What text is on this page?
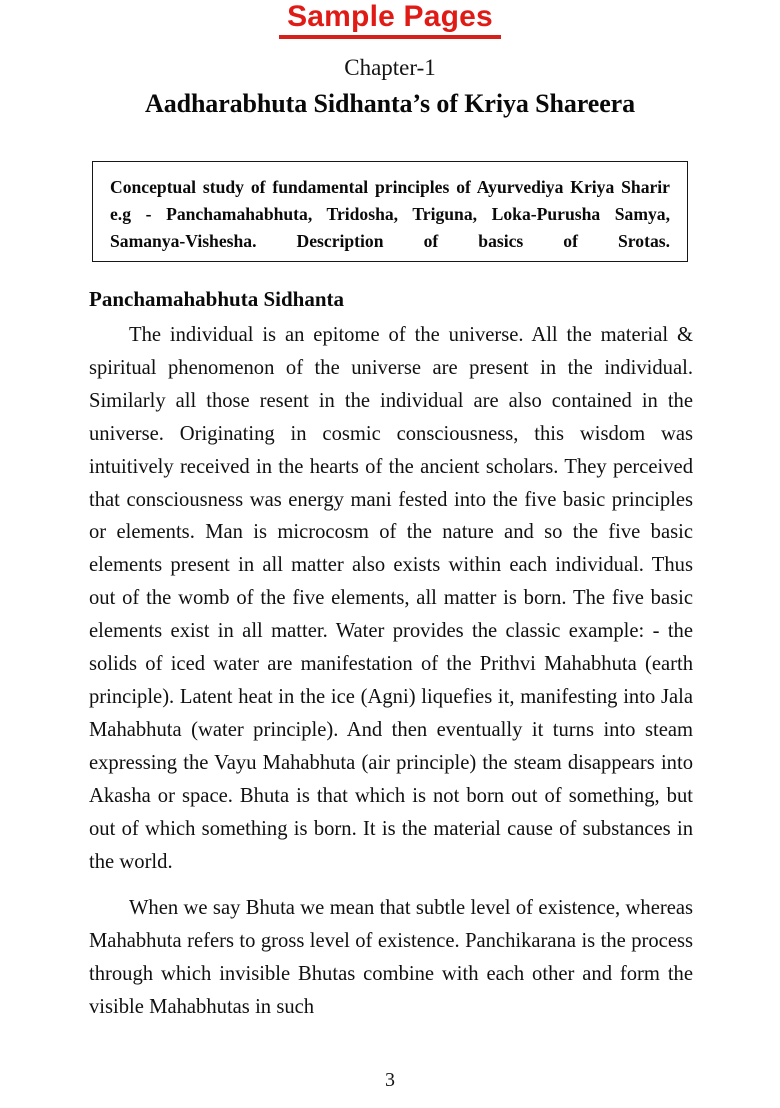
Sample Pages
Chapter-1
Aadharabhuta Sidhanta’s of Kriya Shareera

Conceptual study of fundamental principles of Ayurvediya Kriya Sharir e.g - Panchamahabhuta, Tridosha, Triguna, Loka-Purusha Samya, Samanya-Vishesha. Description of basics of Srotas.

Panchamahabhuta Sidhanta

The individual is an epitome of the universe. All the material & spiritual phenomenon of the universe are present in the individual. Similarly all those resent in the individual are also contained in the universe. Originating in cosmic consciousness, this wisdom was intuitively received in the hearts of the ancient scholars. They perceived that consciousness was energy mani fested into the five basic principles or elements. Man is microcosm of the nature and so the five basic elements present in all matter also exists within each individual. Thus out of the womb of the five elements, all matter is born. The five basic elements exist in all matter. Water provides the classic example: - the solids of iced water are manifestation of the Prithvi Mahabhuta (earth principle). Latent heat in the ice (Agni) liquefies it, manifesting into Jala Mahabhuta (water principle). And then eventually it turns into steam expressing the Vayu Mahabhuta (air principle) the steam disappears into Akasha or space. Bhuta is that which is not born out of something, but out of which something is born. It is the material cause of substances in the world.

When we say Bhuta we mean that subtle level of existence, whereas Mahabhuta refers to gross level of existence. Panchikarana is the process through which invisible Bhutas combine with each other and form the visible Mahabhutas in such

3
